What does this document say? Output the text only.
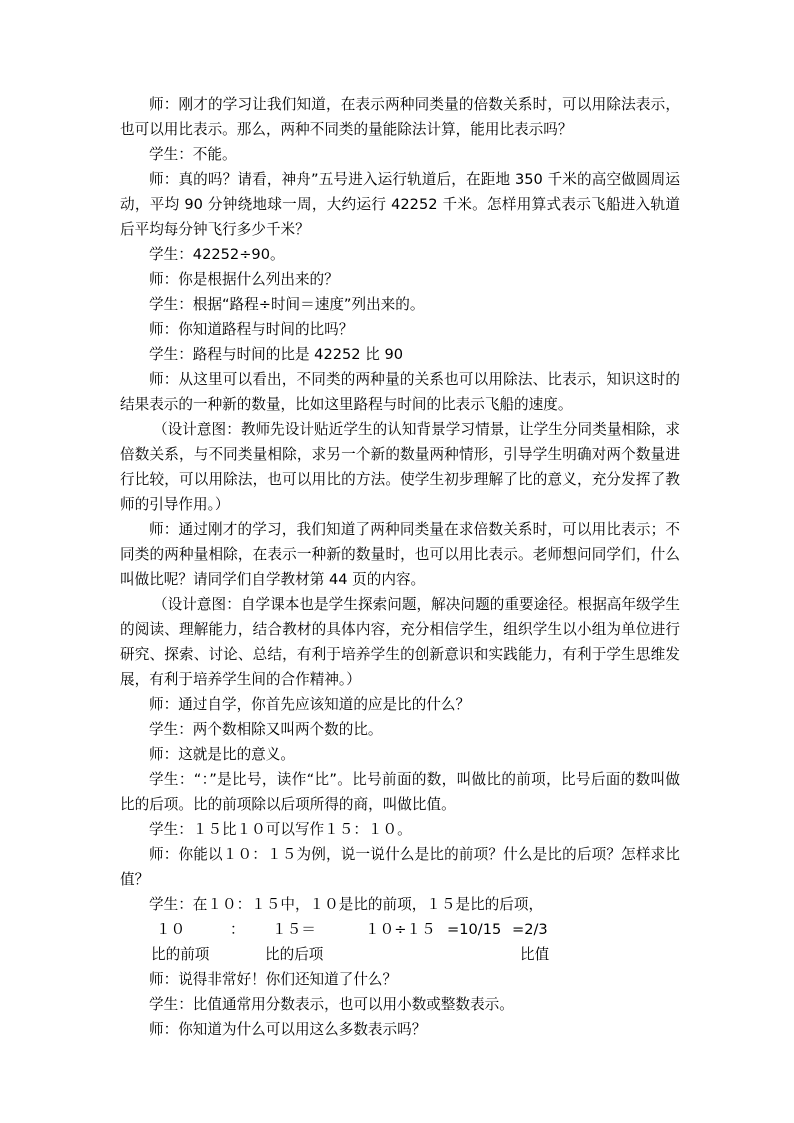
师：刚才的学习让我们知道，在表示两种同类量的倍数关系时，可以用除法表示，也可以用比表示。那么，两种不同类的量能除法计算，能用比表示吗？

学生：不能。

师：真的吗？请看，神舟”五号进入运行轨道后，在距地 350 千米的高空做圆周运动，平均 90 分钟绕地球一周，大约运行 42252 千米。怎样用算式表示飞船进入轨道后平均每分钟飞行多少千米？

学生：42252÷90。

师：你是根据什么列出来的？

学生：根据“路程÷时间＝速度”列出来的。

师：你知道路程与时间的比吗？

学生：路程与时间的比是 42252 比 90

师：从这里可以看出，不同类的两种量的关系也可以用除法、比表示，知识这时的结果表示的一种新的数量，比如这里路程与时间的比表示飞船的速度。

（设计意图：教师先设计贴近学生的认知背景学习情景，让学生分同类量相除，求倍数关系，与不同类量相除，求另一个新的数量两种情形，引导学生明确对两个数量进行比较，可以用除法，也可以用比的方法。使学生初步理解了比的意义，充分发挥了教师的引导作用。）

师：通过刚才的学习，我们知道了两种同类量在求倍数关系时，可以用比表示；不同类的两种量相除，在表示一种新的数量时，也可以用比表示。老师想问同学们，什么叫做比呢？请同学们自学教材第 44 页的内容。

（设计意图：自学课本也是学生探索问题，解决问题的重要途径。根据高年级学生的阅读、理解能力，结合教材的具体内容，充分相信学生，组织学生以小组为单位进行研究、探索、讨论、总结，有利于培养学生的创新意识和实践能力，有利于学生思维发展，有利于培养学生间的合作精神。）

师：通过自学，你首先应该知道的应是比的什么？

学生：两个数相除又叫两个数的比。

师：这就是比的意义。

学生：“：”是比号，读作“比”。比号前面的数，叫做比的前项，比号后面的数叫做比的后项。比的前项除以后项所得的商，叫做比值。

学生：１５比１０可以写作１５：１０。

师：你能以１０：１５为例，说一说什么是比的前项？什么是比的后项？怎样求比值？

学生：在１０：１５中，１０是比的前项，１５是比的后项，

１０	： １５＝	１０÷１５ =10/15 =2/3
比的前项	比的后项	比值

师：说得非常好！你们还知道了什么？

学生：比值通常用分数表示，也可以用小数或整数表示。

师：你知道为什么可以用这么多数表示吗？
